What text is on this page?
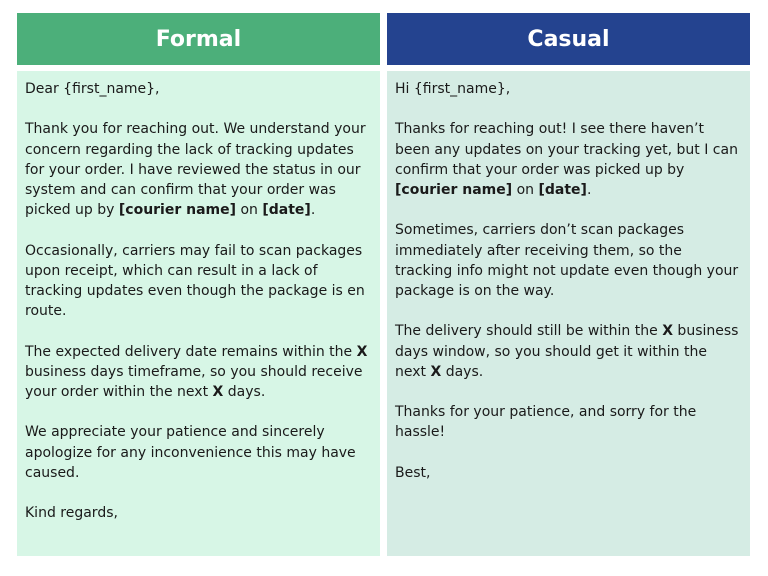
Formal

Dear {first_name},

Thank you for reaching out. We understand your concern regarding the lack of tracking updates for your order. I have reviewed the status in our system and can confirm that your order was picked up by [courier name] on [date].

Occasionally, carriers may fail to scan packages upon receipt, which can result in a lack of tracking updates even though the package is en route.

The expected delivery date remains within the X business days timeframe, so you should receive your order within the next X days.

We appreciate your patience and sincerely apologize for any inconvenience this may have caused.

Kind regards,

Casual

Hi {first_name},

Thanks for reaching out! I see there haven’t been any updates on your tracking yet, but I can confirm that your order was picked up by [courier name] on [date].

Sometimes, carriers don’t scan packages immediately after receiving them, so the tracking info might not update even though your package is on the way.

The delivery should still be within the X business days window, so you should get it within the next X days.

Thanks for your patience, and sorry for the hassle!

Best,
